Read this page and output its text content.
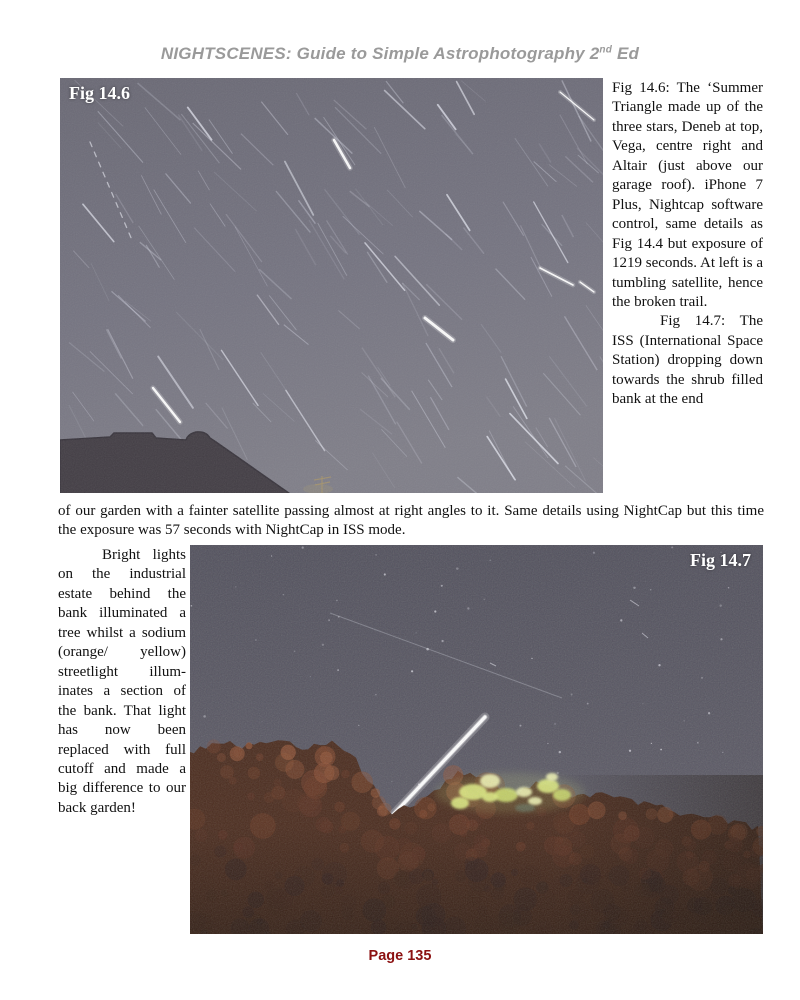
NIGHTSCENES: Guide to Simple Astrophotography 2nd Ed
Fig 14.6	Fig 14.6: The ‘Summer Triangle made up of the three stars, Deneb at top, Vega, centre right and Altair (just above our garage roof). iPhone 7 Plus, Nightcap software control, same details as Fig 14.4 but exposure of 1219 seconds. At left is a tumbling satellite, hence the broken trail.

Fig 14.7: The ISS (International Space Station) dropping down towards the shrub filled bank at the end

of our garden with a fainter satellite passing almost at right angles to it. Same details using NightCap but this time the exposure was 57 seconds with NightCap in ISS mode.

Fig 14.7

Bright lights on the industrial estate behind the bank illuminated a tree whilst a sodium (orange/ yellow) streetlight illum-inates a section of the bank. That light has now been replaced with full cutoff and made a big difference to our back garden!

Page 135
